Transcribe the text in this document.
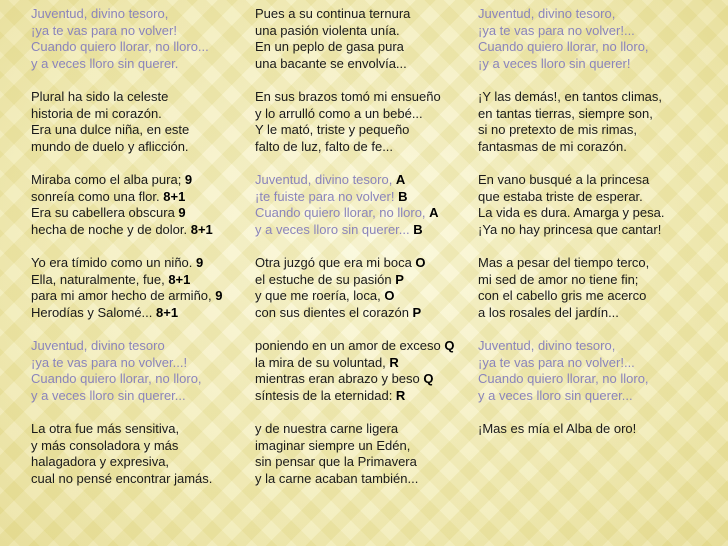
Juventud, divino tesoro,
¡ya te vas para no volver!
Cuando quiero llorar, no lloro...
y a veces lloro sin querer.
Plural ha sido la celeste
historia de mi corazón.
Era una dulce niña, en este
mundo de duelo y aflicción.
Miraba como el alba pura; 9
sonreía como una flor. 8+1
Era su cabellera obscura 9
hecha de noche y de dolor. 8+1
Yo era tímido como un niño. 9
Ella, naturalmente, fue, 8+1
para mi amor hecho de armiño, 9
Herodías y Salomé... 8+1
Juventud, divino tesoro
¡ya te vas para no volver...!
Cuando quiero llorar, no lloro,
y a veces lloro sin querer...
La otra fue más sensitiva,
y más consoladora y más
halagadora y expresiva,
cual no pensé encontrar jamás.
Pues a su continua ternura
una pasión violenta unía.
En un peplo de gasa pura
una bacante se envolvía...
En sus brazos tomó mi ensueño
y lo arrulló como a un bebé...
Y le mató, triste y pequeño
falto de luz, falto de fe...
Juventud, divino tesoro, A
¡te fuiste para no volver! B
Cuando quiero llorar, no lloro, A
y a veces lloro sin querer... B
Otra juzgó que era mi boca O
el estuche de su pasión P
y que me roería, loca, O
con sus dientes el corazón P
poniendo en un amor de exceso Q
la mira de su voluntad, R
mientras eran abrazo y beso Q
síntesis de la eternidad: R
y de nuestra carne ligera
imaginar siempre un Edén,
sin pensar que la Primavera
y la carne acaban también...
Juventud, divino tesoro,
¡ya te vas para no volver!...
Cuando quiero llorar, no lloro,
¡y a veces lloro sin querer!
¡Y las demás!, en tantos climas,
en tantas tierras, siempre son,
si no pretexto de mis rimas,
fantasmas de mi corazón.
En vano busqué a la princesa
que estaba triste de esperar.
La vida es dura. Amarga y pesa.
¡Ya no hay princesa que cantar!
Mas a pesar del tiempo terco,
mi sed de amor no tiene fin;
con el cabello gris me acerco
a los rosales del jardín...
Juventud, divino tesoro,
¡ya te vas para no volver!...
Cuando quiero llorar, no lloro,
y a veces lloro sin querer...
¡Mas es mía el Alba de oro!
